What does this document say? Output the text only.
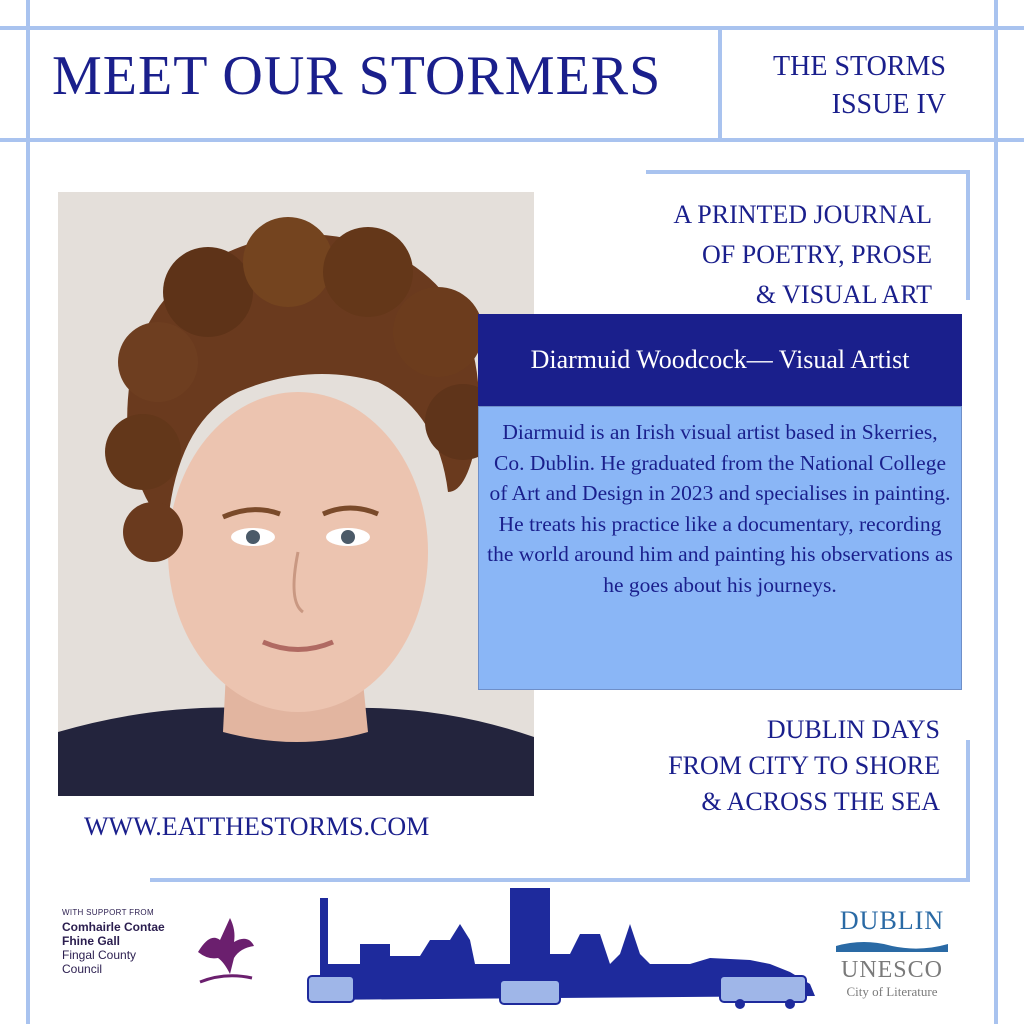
MEET OUR STORMERS	THE STORMS
ISSUE IV
A PRINTED JOURNAL
OF POETRY, PROSE
& VISUAL ART
Diarmuid Woodcock— Visual Artist
Diarmuid is an Irish visual artist based in Skerries, Co. Dublin. He graduated from the National College of Art and Design in 2023 and specialises in painting. He treats his practice like a documentary, recording the world around him and painting his observations as he goes about his journeys.
DUBLIN DAYS
FROM CITY TO SHORE
& ACROSS THE SEA
WWW.EATTHESTORMS.COM
WITH SUPPORT FROM
Comhairle Contae
Fhine Gall
Fingal County
Council
DUBLIN
UNESCO
City of Literature
